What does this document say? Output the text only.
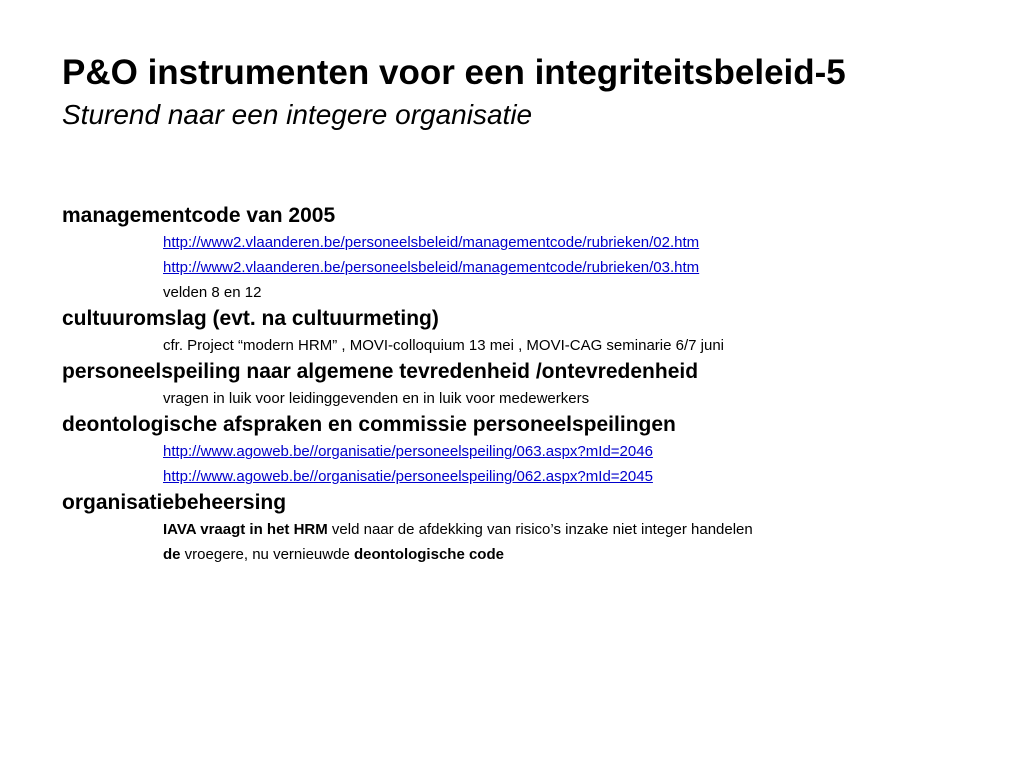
P&O instrumenten voor een integriteitsbeleid-5
Sturend naar een integere organisatie
managementcode van 2005
http://www2.vlaanderen.be/personeelsbeleid/managementcode/rubrieken/02.htm
http://www2.vlaanderen.be/personeelsbeleid/managementcode/rubrieken/03.htm
velden 8 en 12
cultuuromslag (evt. na cultuurmeting)
cfr. Project “modern HRM” , MOVI-colloquium 13 mei , MOVI-CAG seminarie 6/7 juni
personeelspeiling naar algemene tevredenheid /ontevredenheid
vragen in luik voor leidinggevenden en in luik voor medewerkers
deontologische afspraken en commissie personeelspeilingen
http://www.agoweb.be//organisatie/personeelspeiling/063.aspx?mId=2046
http://www.agoweb.be//organisatie/personeelspeiling/062.aspx?mId=2045
organisatiebeheersing
IAVA vraagt in het HRM veld naar de afdekking van risico’s inzake niet integer handelen
de vroegere, nu vernieuwde deontologische code
